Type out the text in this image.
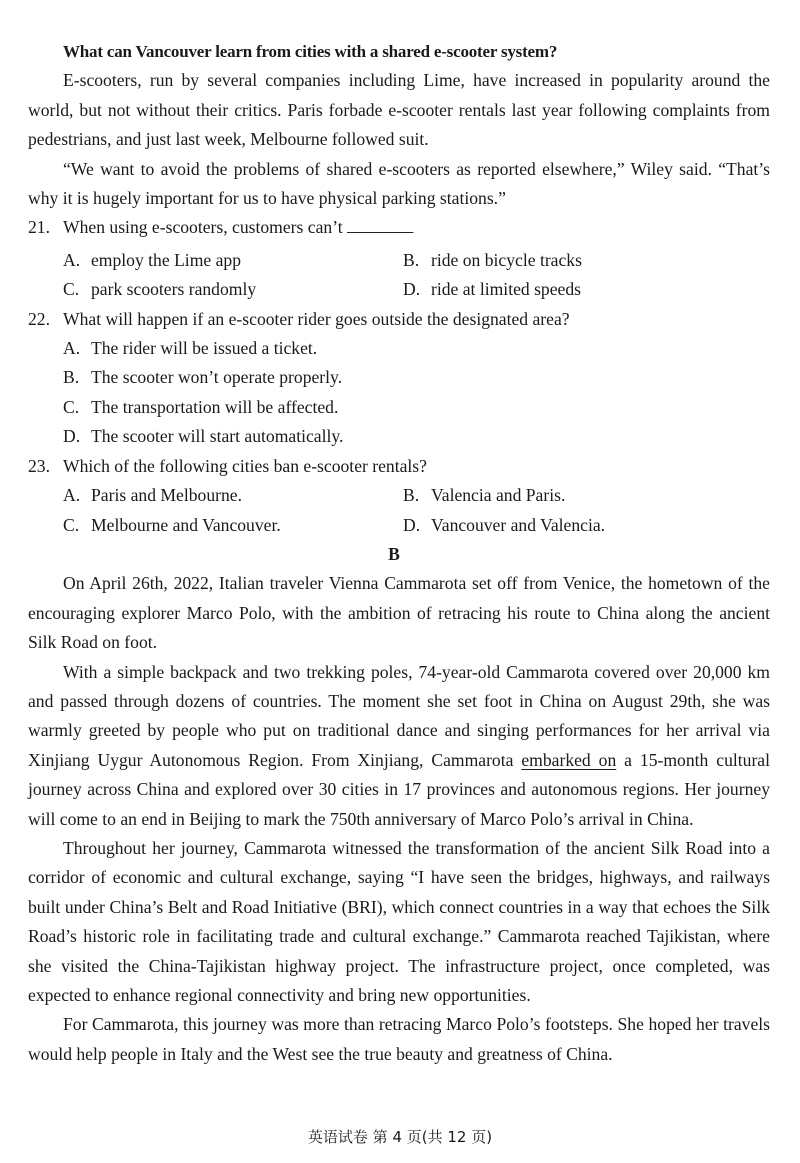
What can Vancouver learn from cities with a shared e-scooter system?

E-scooters, run by several companies including Lime, have increased in popularity around the world, but not without their critics. Paris forbade e-scooter rentals last year following complaints from pedestrians, and just last week, Melbourne followed suit.

“We want to avoid the problems of shared e-scooters as reported elsewhere,” Wiley said. “That’s why it is hugely important for us to have physical parking stations.”

21. When using e-scooters, customers can’t	.
A. employ the Lime app	B. ride on bicycle tracks
C. park scooters randomly	D. ride at limited speeds
22. What will happen if an e-scooter rider goes outside the designated area?
A. The rider will be issued a ticket.
B. The scooter won’t operate properly.
C. The transportation will be affected.
D. The scooter will start automatically.
23. Which of the following cities ban e-scooter rentals?
A. Paris and Melbourne.	B. Valencia and Paris.
C. Melbourne and Vancouver.	D. Vancouver and Valencia.
B

On April 26th, 2022, Italian traveler Vienna Cammarota set off from Venice, the hometown of the encouraging explorer Marco Polo, with the ambition of retracing his route to China along the ancient Silk Road on foot.

With a simple backpack and two trekking poles, 74-year-old Cammarota covered over 20,000 km and passed through dozens of countries. The moment she set foot in China on August 29th, she was warmly greeted by people who put on traditional dance and singing performances for her arrival via Xinjiang Uygur Autonomous Region. From Xinjiang, Cammarota embarked on a 15-month cultural journey across China and explored over 30 cities in 17 provinces and autonomous regions. Her journey will come to an end in Beijing to mark the 750th anniversary of Marco Polo’s arrival in China.

Throughout her journey, Cammarota witnessed the transformation of the ancient Silk Road into a corridor of economic and cultural exchange, saying “I have seen the bridges, highways, and railways built under China’s Belt and Road Initiative (BRI), which connect countries in a way that echoes the Silk Road’s historic role in facilitating trade and cultural exchange.” Cammarota reached Tajikistan, where she visited the China-Tajikistan highway project. The infrastructure project, once completed, was expected to enhance regional connectivity and bring new opportunities.

For Cammarota, this journey was more than retracing Marco Polo’s footsteps. She hoped her travels would help people in Italy and the West see the true beauty and greatness of China.

英语试卷 第 4 页(共 12 页)
